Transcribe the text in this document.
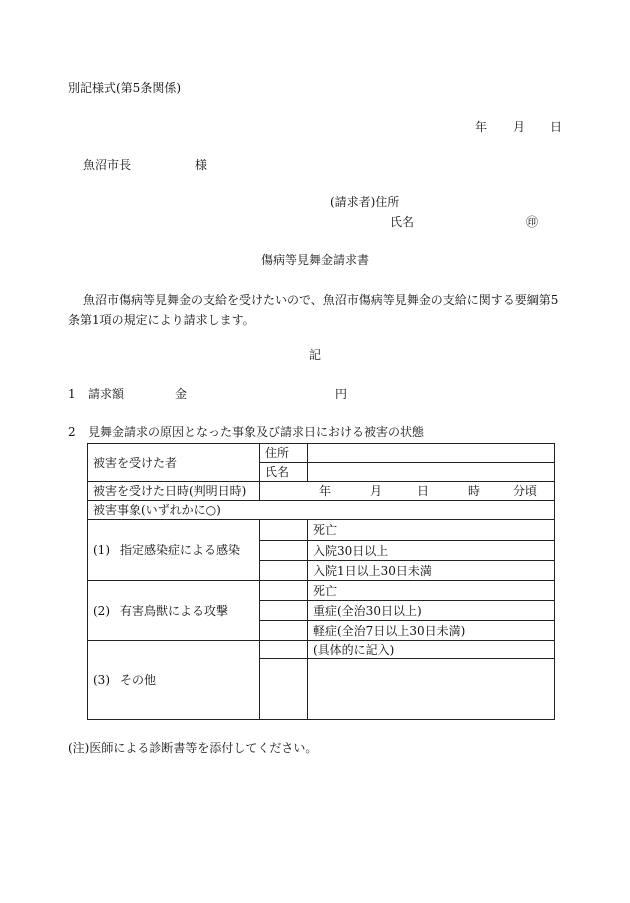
別記様式(第5条関係)
年 月 日
魚沼市長	様
(請求者)住所
氏名	㊞
傷病等見舞金請求書
魚沼市傷病等見舞金の支給を受けたいので、魚沼市傷病等見舞金の支給に関する要綱第5
条第1項の規定により請求します。
記
1 請求額	金	円
2 見舞金請求の原因となった事象及び請求日における被害の状態
被害を受けた者	住所	
	氏名	
被害を受けた日時(判明日時)	年 月 日 時 分頃	

被害事象(いずれかに○)		
(1) 指定感染症による感染		死亡
		入院30日以上
		入院1日以上30日未満
(2) 有害鳥獣による攻撃		死亡
		重症(全治30日以上)
		軽症(全治7日以上30日未満)
(3) その他		(具体的に記入)

(注)医師による診断書等を添付してください。
